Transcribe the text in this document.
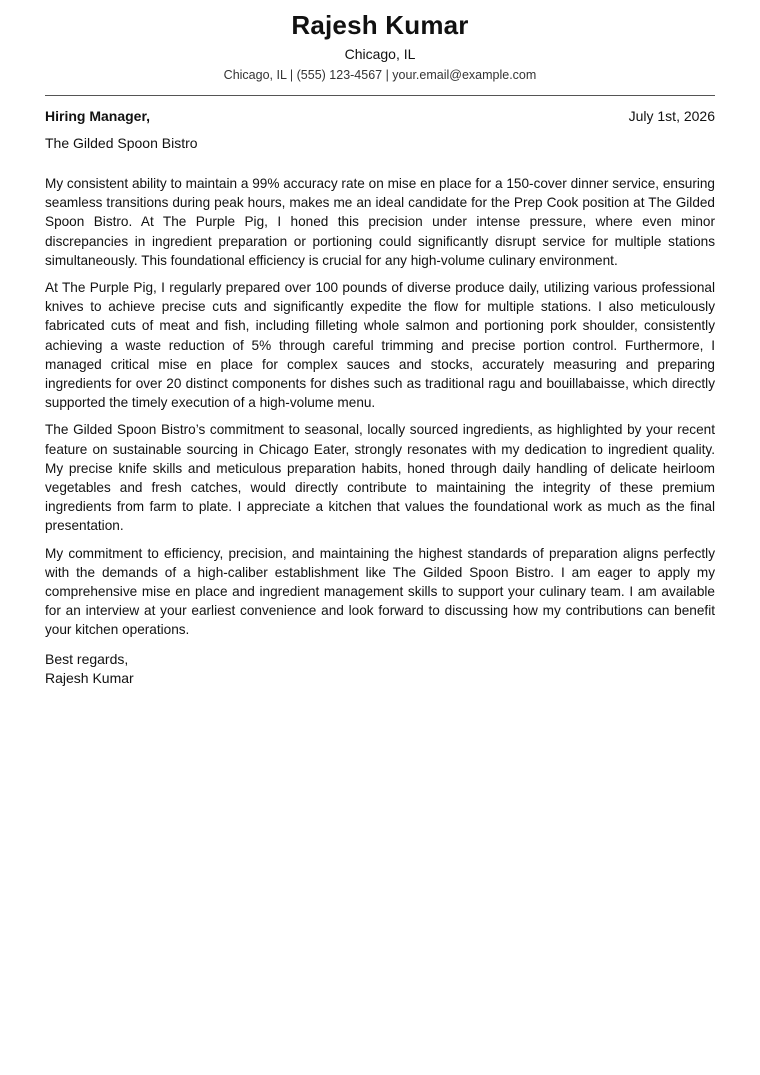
Rajesh Kumar
Chicago, IL
Chicago, IL | (555) 123-4567 | your.email@example.com
Hiring Manager,	July 1st, 2026
The Gilded Spoon Bistro

My consistent ability to maintain a 99% accuracy rate on mise en place for a 150-cover dinner service, ensuring seamless transitions during peak hours, makes me an ideal candidate for the Prep Cook position at The Gilded Spoon Bistro. At The Purple Pig, I honed this precision under intense pressure, where even minor discrepancies in ingredient preparation or portioning could significantly disrupt service for multiple stations simultaneously. This foundational efficiency is crucial for any high-volume culinary environment.

At The Purple Pig, I regularly prepared over 100 pounds of diverse produce daily, utilizing various professional knives to achieve precise cuts and significantly expedite the flow for multiple stations. I also meticulously fabricated cuts of meat and fish, including filleting whole salmon and portioning pork shoulder, consistently achieving a waste reduction of 5% through careful trimming and precise portion control. Furthermore, I managed critical mise en place for complex sauces and stocks, accurately measuring and preparing ingredients for over 20 distinct components for dishes such as traditional ragu and bouillabaisse, which directly supported the timely execution of a high-volume menu.

The Gilded Spoon Bistro’s commitment to seasonal, locally sourced ingredients, as highlighted by your recent feature on sustainable sourcing in Chicago Eater, strongly resonates with my dedication to ingredient quality. My precise knife skills and meticulous preparation habits, honed through daily handling of delicate heirloom vegetables and fresh catches, would directly contribute to maintaining the integrity of these premium ingredients from farm to plate. I appreciate a kitchen that values the foundational work as much as the final presentation.

My commitment to efficiency, precision, and maintaining the highest standards of preparation aligns perfectly with the demands of a high-caliber establishment like The Gilded Spoon Bistro. I am eager to apply my comprehensive mise en place and ingredient management skills to support your culinary team. I am available for an interview at your earliest convenience and look forward to discussing how my contributions can benefit your kitchen operations.

Best regards,
Rajesh Kumar
